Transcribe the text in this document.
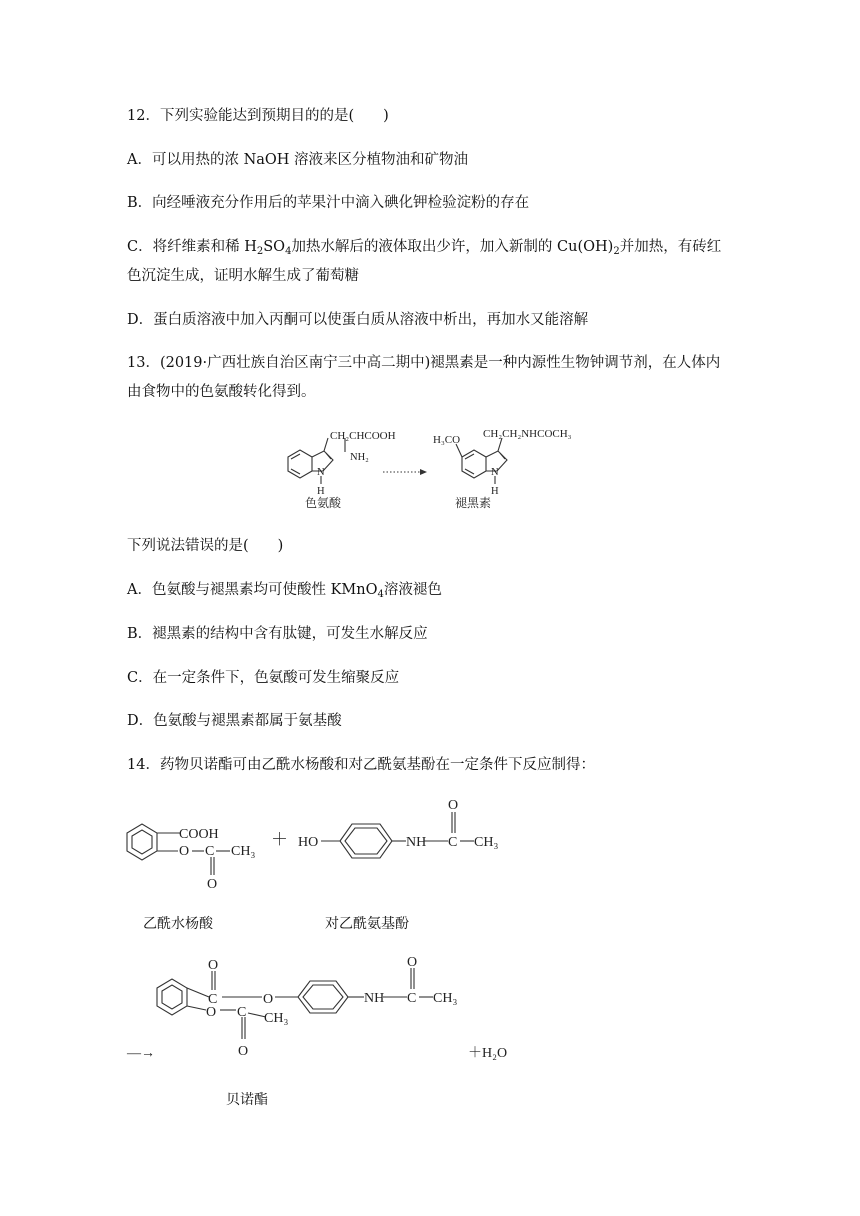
12．下列实验能达到预期目的的是(　　)
A．可以用热的浓 NaOH 溶液来区分植物油和矿物油
B．向经唾液充分作用后的苹果汁中滴入碘化钾检验淀粉的存在
C．将纤维素和稀 $H_2SO_4$加热水解后的液体取出少许，加入新制的 $Cu(OH)_2$并加热，有砖红
色沉淀生成，证明水解生成了葡萄糖
D．蛋白质溶液中加入丙酮可以使蛋白质从溶液中析出，再加水又能溶解
13．(2019·广西壮族自治区南宁三中高二期中)褪黑素是一种内源性生物钟调节剂，在人体内
由食物中的色氨酸转化得到。
CH₂CHCOOH
NH₂
N
H
H₃CO CH₂CH₂NHCOCH₃
N
H
色氨酸	褪黑素
下列说法错误的是(　　)
A．色氨酸与褪黑素均可使酸性 KMnO$_4$溶液褪色
B．褪黑素的结构中含有肽键，可发生水解反应
C．在一定条件下，色氨酸可发生缩聚反应
D．色氨酸与褪黑素都属于氨基酸
14．药物贝诺酯可由乙酰水杨酸和对乙酰氨基酚在一定条件下反应制得：
COOH
O C CH₃
O
＋ HO	NH C CH₃
O
乙酰水杨酸	对乙酰氨基酚
O
C	O	NH C CH₃
O
O C CH₃
O
—→	＋H₂O
贝诺酯
